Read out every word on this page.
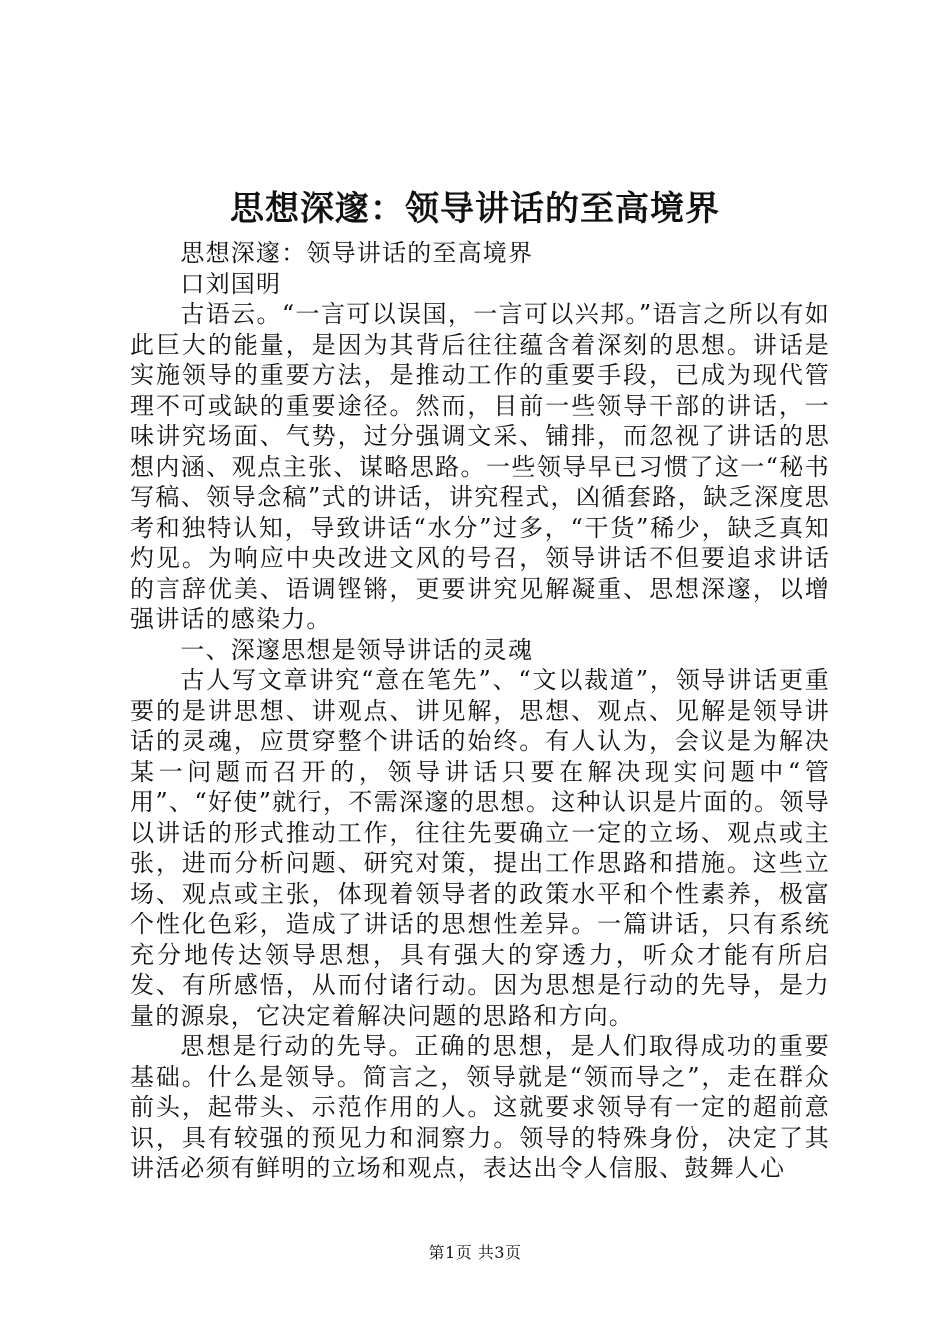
思想深邃：领导讲话的至高境界

思想深邃：领导讲话的至高境界

口刘国明

古语云。“一言可以误国，一言可以兴邦。”语言之所以有如此巨大的能量，是因为其背后往往蕴含着深刻的思想。讲话是实施领导的重要方法，是推动工作的重要手段，已成为现代管理不可或缺的重要途径。然而，目前一些领导干部的讲话，一味讲究场面、气势，过分强调文采、铺排，而忽视了讲话的思想内涵、观点主张、谋略思路。一些领导早已习惯了这一“秘书写稿、领导念稿”式的讲话，讲究程式，凶循套路，缺乏深度思考和独特认知，导致讲话“水分”过多，“干货”稀少，缺乏真知灼见。为响应中央改进文风的号召，领导讲话不但要追求讲话的言辞优美、语调铿锵，更要讲究见解凝重、思想深邃，以增强讲话的感染力。

一、深邃思想是领导讲话的灵魂

古人写文章讲究“意在笔先”、“文以裁道”，领导讲话更重要的是讲思想、讲观点、讲见解，思想、观点、见解是领导讲话的灵魂，应贯穿整个讲话的始终。有人认为，会议是为解决某一问题而召开的，领导讲话只要在解决现实问题中“管用”、“好使”就行，不需深邃的思想。这种认识是片面的。领导以讲话的形式推动工作，往往先要确立一定的立场、观点或主张，进而分析问题、研究对策，提出工作思路和措施。这些立场、观点或主张，体现着领导者的政策水平和个性素养，极富个性化色彩，造成了讲话的思想性差异。一篇讲话，只有系统充分地传达领导思想，具有强大的穿透力，听众才能有所启发、有所感悟，从而付诸行动。因为思想是行动的先导，是力量的源泉，它决定着解决问题的思路和方向。

思想是行动的先导。正确的思想，是人们取得成功的重要基础。什么是领导。简言之，领导就是“领而导之”，走在群众前头，起带头、示范作用的人。这就要求领导有一定的超前意识，具有较强的预见力和洞察力。领导的特殊身份，决定了其讲活必须有鲜明的立场和观点，表达出令人信服、鼓舞人心

第1页 共3页
